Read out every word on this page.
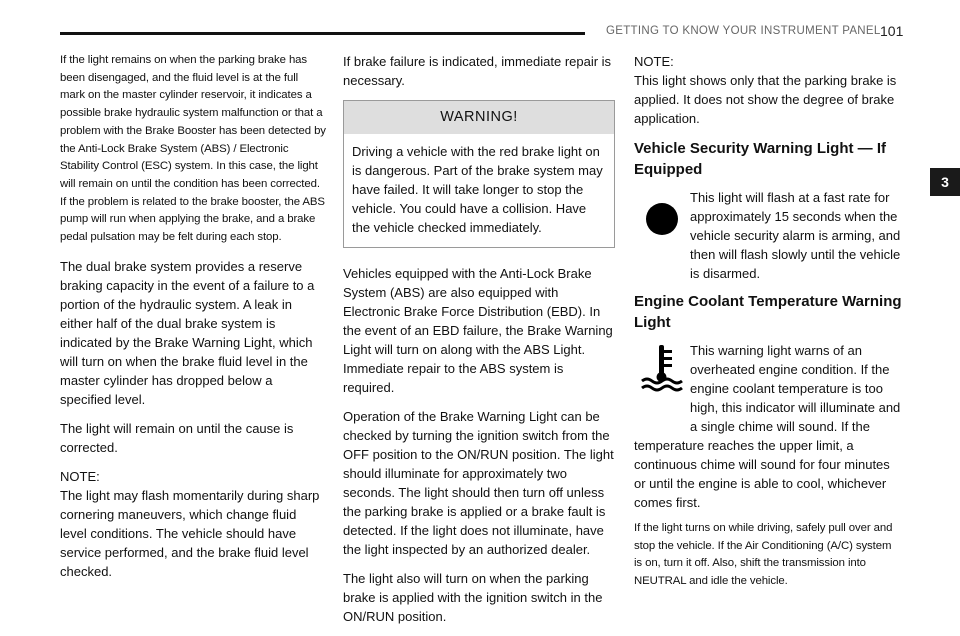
GETTING TO KNOW YOUR INSTRUMENT PANEL 101
3

If the light remains on when the parking brake has been disengaged, and the fluid level is at the full mark on the master cylinder reservoir, it indicates a possible brake hydraulic system malfunction or that a problem with the Brake Booster has been detected by the Anti-Lock Brake System (ABS) / Electronic Stability Control (ESC) system. In this case, the light will remain on until the condition has been corrected. If the problem is related to the brake booster, the ABS pump will run when applying the brake, and a brake pedal pulsation may be felt during each stop.

The dual brake system provides a reserve braking capacity in the event of a failure to a portion of the hydraulic system. A leak in either half of the dual brake system is indicated by the Brake Warning Light, which will turn on when the brake fluid level in the master cylinder has dropped below a specified level.

The light will remain on until the cause is corrected.

NOTE:

The light may flash momentarily during sharp cornering maneuvers, which change fluid level conditions. The vehicle should have service performed, and the brake fluid level checked.

If brake failure is indicated, immediate repair is necessary.

WARNING!

Driving a vehicle with the red brake light on is dangerous. Part of the brake system may have failed. It will take longer to stop the vehicle. You could have a collision. Have the vehicle checked immediately.

Vehicles equipped with the Anti-Lock Brake System (ABS) are also equipped with Electronic Brake Force Distribution (EBD). In the event of an EBD failure, the Brake Warning Light will turn on along with the ABS Light. Immediate repair to the ABS system is required.

Operation of the Brake Warning Light can be checked by turning the ignition switch from the OFF position to the ON/RUN position. The light should illuminate for approximately two seconds. The light should then turn off unless the parking brake is applied or a brake fault is detected. If the light does not illuminate, have the light inspected by an authorized dealer.

The light also will turn on when the parking brake is applied with the ignition switch in the ON/RUN position.

NOTE:

This light shows only that the parking brake is applied. It does not show the degree of brake application.

Vehicle Security Warning Light — If Equipped

This light will flash at a fast rate for approximately 15 seconds when the vehicle security alarm is arming, and then will flash slowly until the vehicle is disarmed.

Engine Coolant Temperature Warning Light

This warning light warns of an overheated engine condition. If the engine coolant temperature is too high, this indicator will illuminate and a single chime will sound. If the temperature reaches the upper limit, a continuous chime will sound for four minutes or until the engine is able to cool, whichever comes first.

If the light turns on while driving, safely pull over and stop the vehicle. If the Air Conditioning (A/C) system is on, turn it off. Also, shift the transmission into NEUTRAL and idle the vehicle.
